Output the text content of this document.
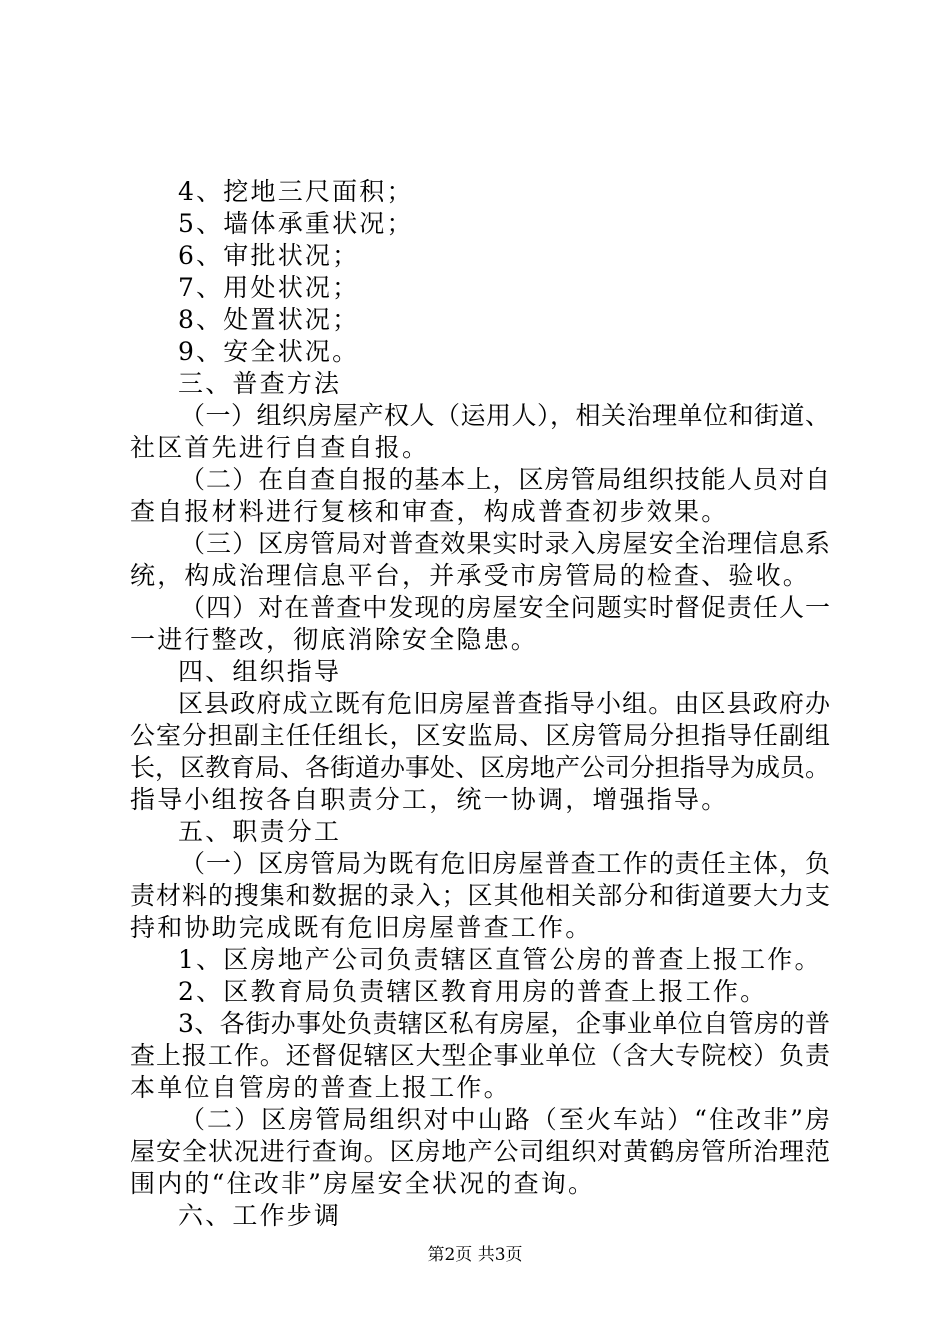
4、挖地三尺面积；
5、墙体承重状况；
6、审批状况；
7、用处状况；
8、处置状况；
9、安全状况。
三、普查方法
（一）组织房屋产权人（运用人），相关治理单位和街道、
社区首先进行自查自报。
（二）在自查自报的基本上，区房管局组织技能人员对自
查自报材料进行复核和审查，构成普查初步效果。
（三）区房管局对普查效果实时录入房屋安全治理信息系
统，构成治理信息平台，并承受市房管局的检查、验收。
（四）对在普查中发现的房屋安全问题实时督促责任人一
一进行整改，彻底消除安全隐患。
四、组织指导
区县政府成立既有危旧房屋普查指导小组。由区县政府办
公室分担副主任任组长，区安监局、区房管局分担指导任副组
长，区教育局、各街道办事处、区房地产公司分担指导为成员。
指导小组按各自职责分工，统一协调，增强指导。
五、职责分工
（一）区房管局为既有危旧房屋普查工作的责任主体，负
责材料的搜集和数据的录入；区其他相关部分和街道要大力支
持和协助完成既有危旧房屋普查工作。
1、区房地产公司负责辖区直管公房的普查上报工作。
2、区教育局负责辖区教育用房的普查上报工作。
3、各街办事处负责辖区私有房屋，企事业单位自管房的普
查上报工作。还督促辖区大型企事业单位（含大专院校）负责
本单位自管房的普查上报工作。
（二）区房管局组织对中山路（至火车站）“住改非”房
屋安全状况进行查询。区房地产公司组织对黄鹤房管所治理范
围内的“住改非”房屋安全状况的查询。
六、工作步调
第2页 共3页
